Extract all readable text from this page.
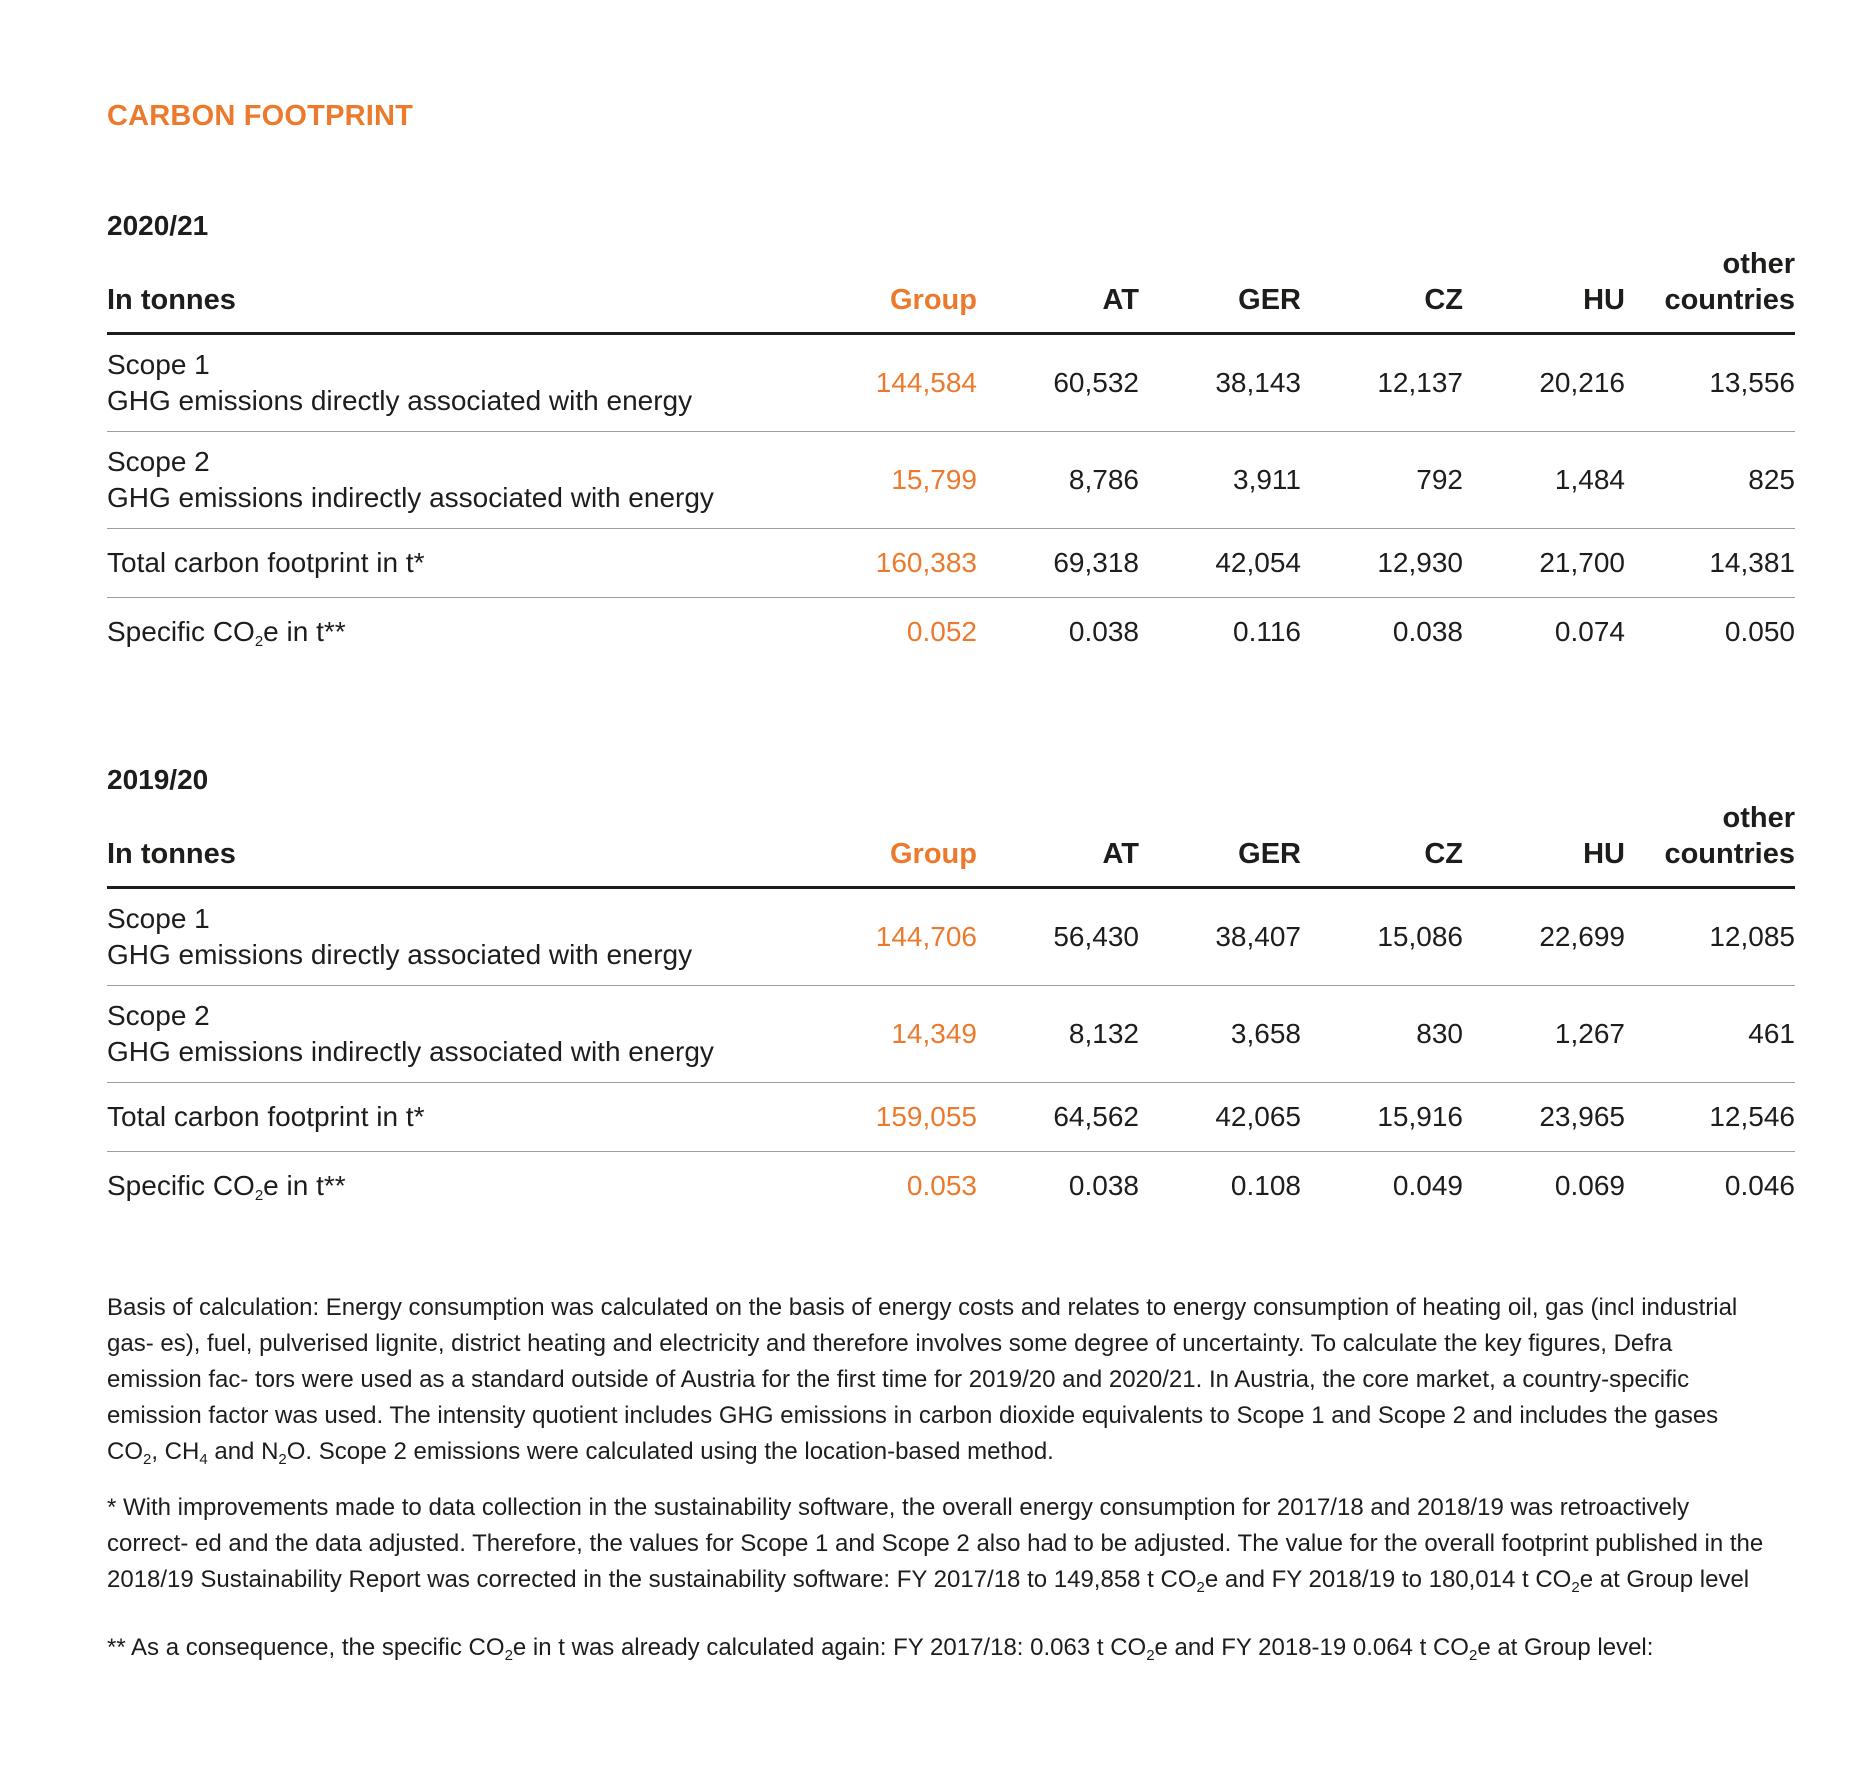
CARBON FOOTPRINT
2020/21
In tonnes	Group	AT	GER	CZ	HU	other
countries
Scope 1
GHG emissions directly associated with energy	144,584	60,532	38,143	12,137	20,216	13,556
Scope 2
GHG emissions indirectly associated with energy	15,799	8,786	3,911	792	1,484	825
Total carbon footprint in t*	160,383	69,318	42,054	12,930	21,700	14,381
Specific $CO_2e$ in t**	0.052	0.038	0.116	0.038	0.074	0.050
2019/20
In tonnes	Group	AT	GER	CZ	HU	other
countries
Scope 1
GHG emissions directly associated with energy	144,706	56,430	38,407	15,086	22,699	12,085
Scope 2
GHG emissions indirectly associated with energy	14,349	8,132	3,658	830	1,267	461
Total carbon footprint in t*	159,055	64,562	42,065	15,916	23,965	12,546
Specific $CO_2e$ in t**	0.053	0.038	0.108	0.049	0.069	0.046

Basis of calculation: Energy consumption was calculated on the basis of energy costs and relates to energy consumption of heating oil, gas (incl industrial gas- es), fuel, pulverised lignite, district heating and electricity and therefore involves some degree of uncertainty. To calculate the key figures, Defra emission fac- tors were used as a standard outside of Austria for the first time for 2019/20 and 2020/21. In Austria, the core market, a country-specific emission factor was used. The intensity quotient includes GHG emissions in carbon dioxide equivalents to Scope 1 and Scope 2 and includes the gases $CO_2$, $CH_4$ and $N_2O$. Scope 2 emissions were calculated using the location-based method.

* With improvements made to data collection in the sustainability software, the overall energy consumption for 2017/18 and 2018/19 was retroactively correct- ed and the data adjusted. Therefore, the values for Scope 1 and Scope 2 also had to be adjusted. The value for the overall footprint published in the 2018/19 Sustainability Report was corrected in the sustainability software: FY 2017/18 to 149,858 t $CO_2e$ and FY 2018/19 to 180,014 t $CO_2e$ at Group level

** As a consequence, the specific $CO_2e$ in t was already calculated again: FY 2017/18: 0.063 t $CO_2e$ and FY 2018-19 0.064 t $CO_2e$ at Group level:
